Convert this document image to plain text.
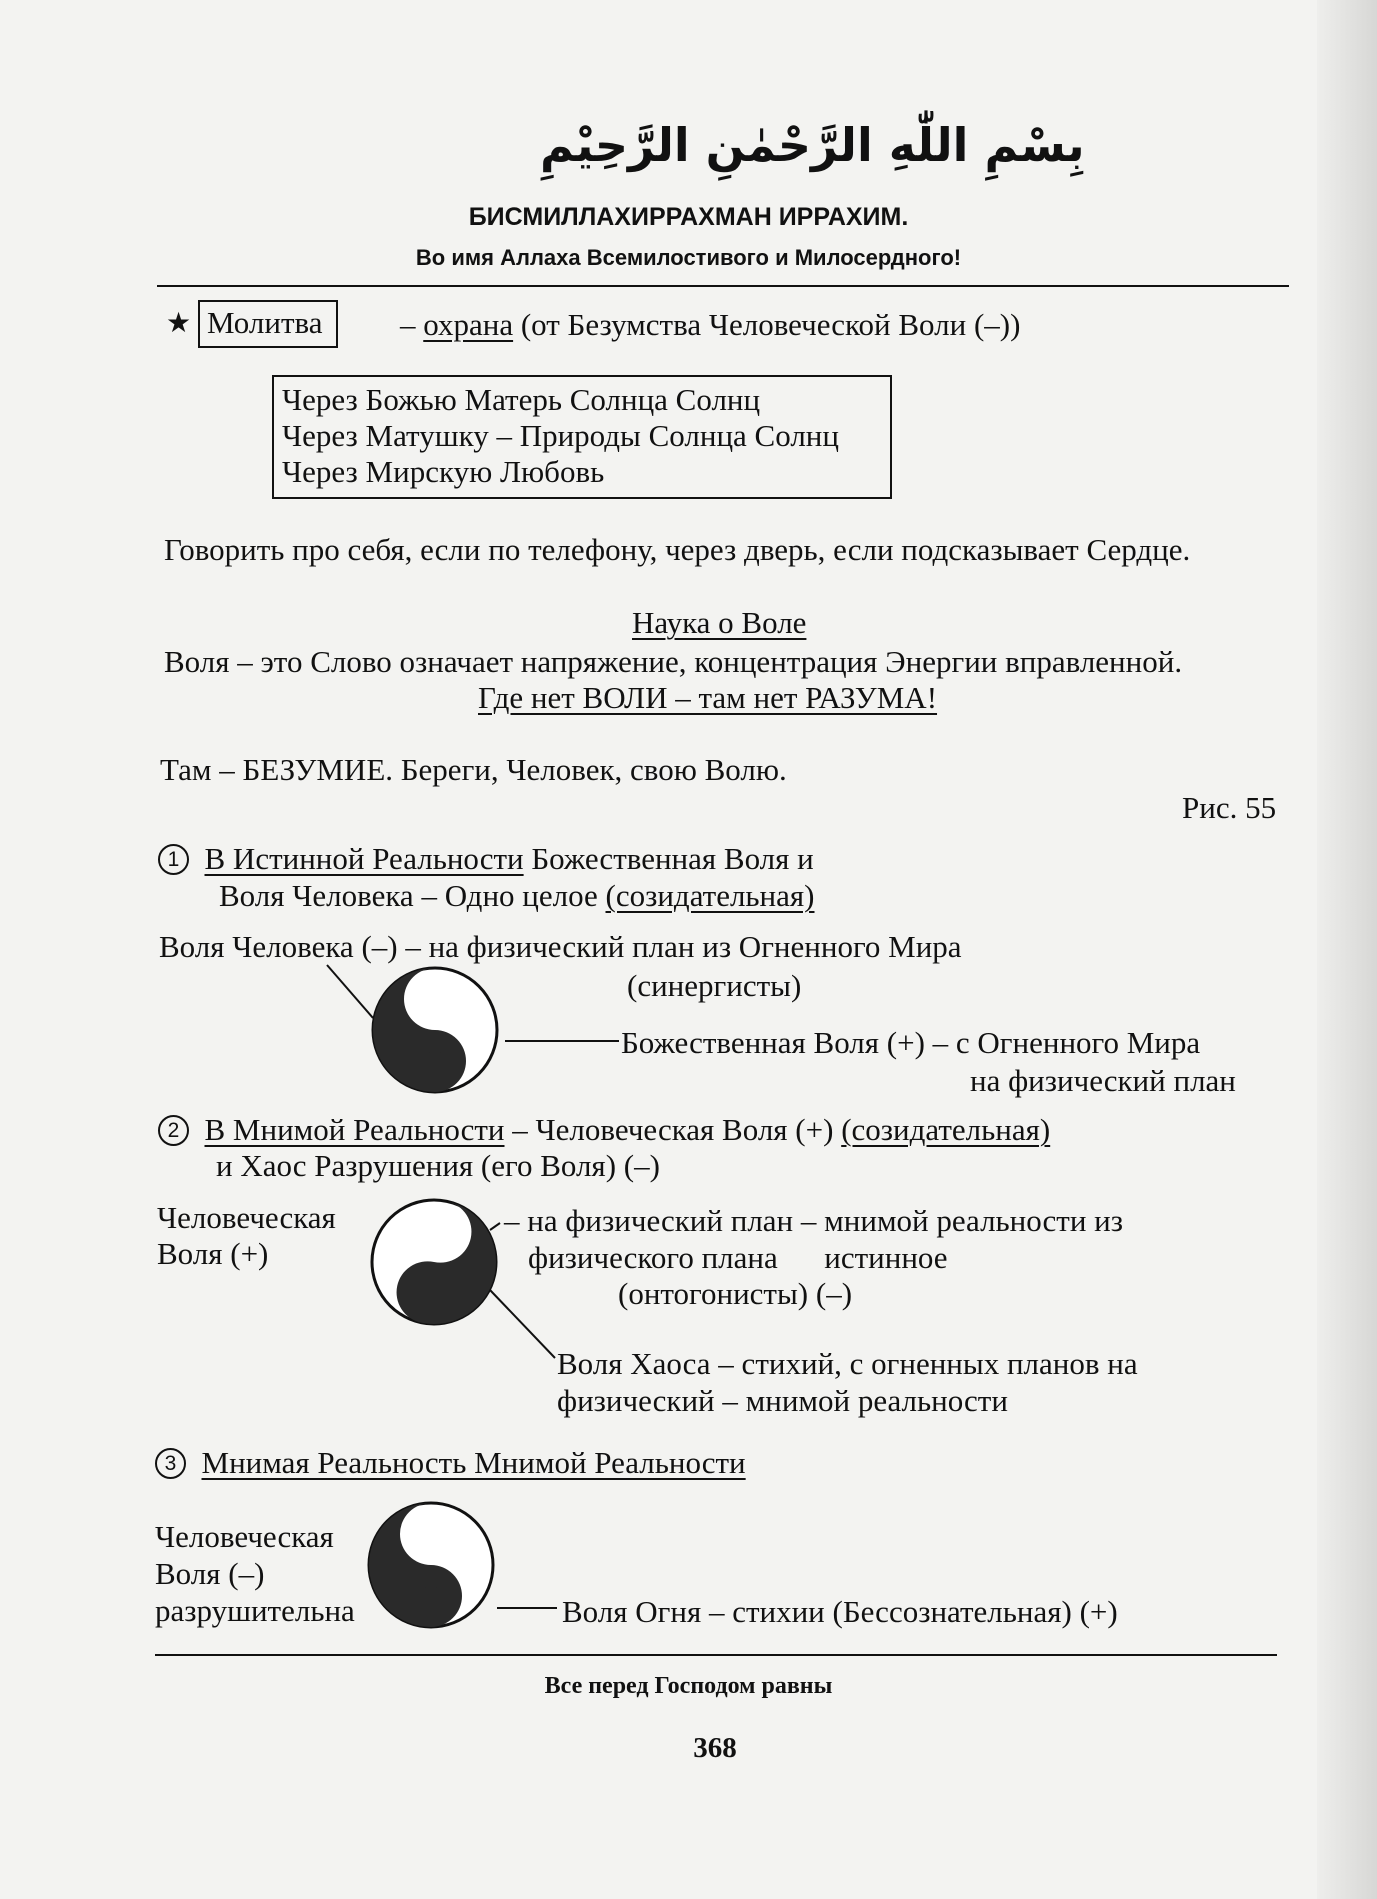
بِسْمِ اللّٰهِ الرَّحْمٰنِ الرَّحِيْمِ
БИСМИЛЛАХИРРАХМАН ИРРАХИМ.
Во имя Аллаха Всемилостивого и Милосердного!
★ Молитва	– охрана (от Безумства Человеческой Воли (–))
Через Божью Матерь Солнца Солнц
Через Матушку – Природы Солнца Солнц
Через Мирскую Любовь
Говорить про себя, если по телефону, через дверь, если подсказывает Сердце.
Наука о Воле
Воля – это Слово означает напряжение, концентрация Энергии вправленной.
Где нет ВОЛИ – там нет РАЗУМА!
Там – БЕЗУМИЕ. Береги, Человек, свою Волю.
Рис. 55
1 В Истинной Реальности Божественная Воля и
Воля Человека – Одно целое (созидательная)
Воля Человека (–) – на физический план из Огненного Мира
(синергисты)
Божественная Воля (+) – с Огненного Мира
на физический план
2 В Мнимой Реальности – Человеческая Воля (+) (созидательная)
и Хаос Разрушения (его Воля) (–)
Человеческая
Воля (+)
– на физический план – мнимой реальности из
физического плана      истинное
(онтогонисты) (–)
Воля Хаоса – стихий, с огненных планов на
физический – мнимой реальности
3 Мнимая Реальность Мнимой Реальности
Человеческая
Воля (–)
разрушительна	Воля Огня – стихии (Бессознательная) (+)
Все перед Господом равны
368
